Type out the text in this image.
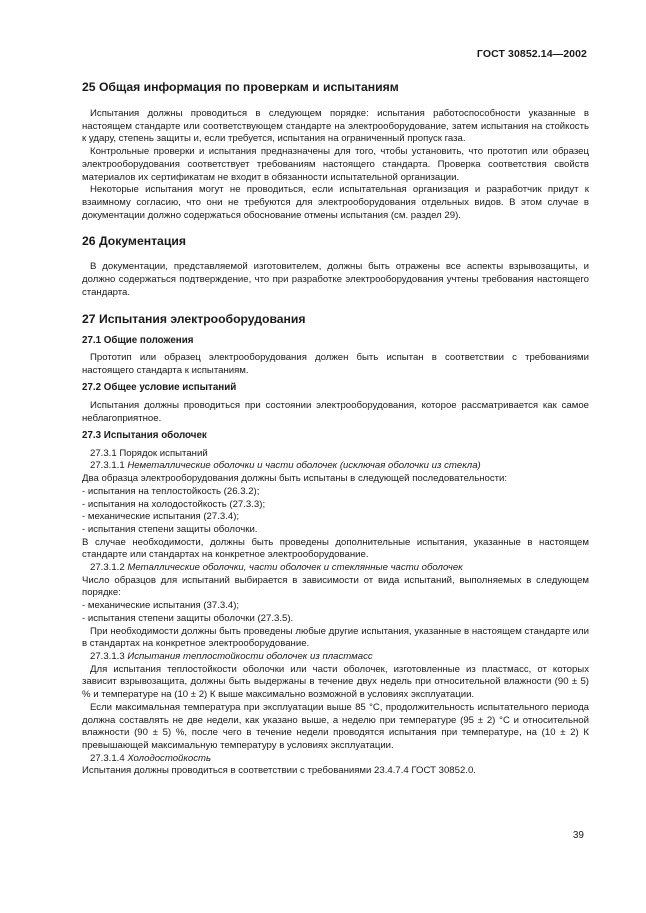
ГОСТ 30852.14—2002
25 Общая информация по проверкам и испытаниям

Испытания должны проводиться в следующем порядке: испытания работоспособности указанные в настоящем стандарте или соответствующем стандарте на электрооборудование, затем испытания на стойкость к удару, степень защиты и, если требуется, испытания на ограниченный пропуск газа.

Контрольные проверки и испытания предназначены для того, чтобы установить, что прототип или образец электрооборудования соответствует требованиям настоящего стандарта. Проверка соответствия свойств материалов их сертификатам не входит в обязанности испытательной организации.

Некоторые испытания могут не проводиться, если испытательная организация и разработчик придут к взаимному согласию, что они не требуются для электрооборудования отдельных видов. В этом случае в документации должно содержаться обоснование отмены испытания (см. раздел 29).

26 Документация

В документации, представляемой изготовителем, должны быть отражены все аспекты взрывозащиты, и должно содержаться подтверждение, что при разработке электрооборудования учтены требования настоящего стандарта.

27 Испытания электрооборудования
27.1 Общие положения

Прототип или образец электрооборудования должен быть испытан в соответствии с требованиями настоящего стандарта к испытаниям.

27.2 Общее условие испытаний

Испытания должны проводиться при состоянии электрооборудования, которое рассматривается как самое неблагоприятное.

27.3 Испытания оболочек
27.3.1 Порядок испытаний
27.3.1.1 Неметаллические оболочки и части оболочек (исключая оболочки из стекла)
Два образца электрооборудования должны быть испытаны в следующей последовательности:
- испытания на теплостойкость (26.3.2);
- испытания на холодостойкость (27.3.3);
- механические испытания (27.3.4);
- испытания степени защиты оболочки.

В случае необходимости, должны быть проведены дополнительные испытания, указанные в настоящем стандарте или стандартах на конкретное электрооборудование.

27.3.1.2 Металлические оболочки, части оболочек и стеклянные части оболочек

Число образцов для испытаний выбирается в зависимости от вида испытаний, выполняемых в следующем порядке:

- механические испытания (37.3.4);
- испытания степени защиты оболочки (27.3.5).

При необходимости должны быть проведены любые другие испытания, указанные в настоящем стандарте или в стандартах на конкретное электрооборудование.

27.3.1.3 Испытания теплостойкости оболочек из пластмасс

Для испытания теплостойкости оболочки или части оболочек, изготовленные из пластмасс, от которых зависит взрывозащита, должны быть выдержаны в течение двух недель при относительной влажности (90 ± 5) % и температуре на (10 ± 2) К выше максимально возможной в условиях эксплуатации.

Если максимальная температура при эксплуатации выше 85 °С, продолжительность испытательного периода должна составлять не две недели, как указано выше, а неделю при температуре (95 ± 2) °С и относительной влажности (90 ± 5) %, после чего в течение недели проводятся испытания при температуре, на (10 ± 2) К превышающей максимальную температуру в условиях эксплуатации.

27.3.1.4 Холодостойкость
Испытания должны проводиться в соответствии с требованиями 23.4.7.4 ГОСТ 30852.0.
39
